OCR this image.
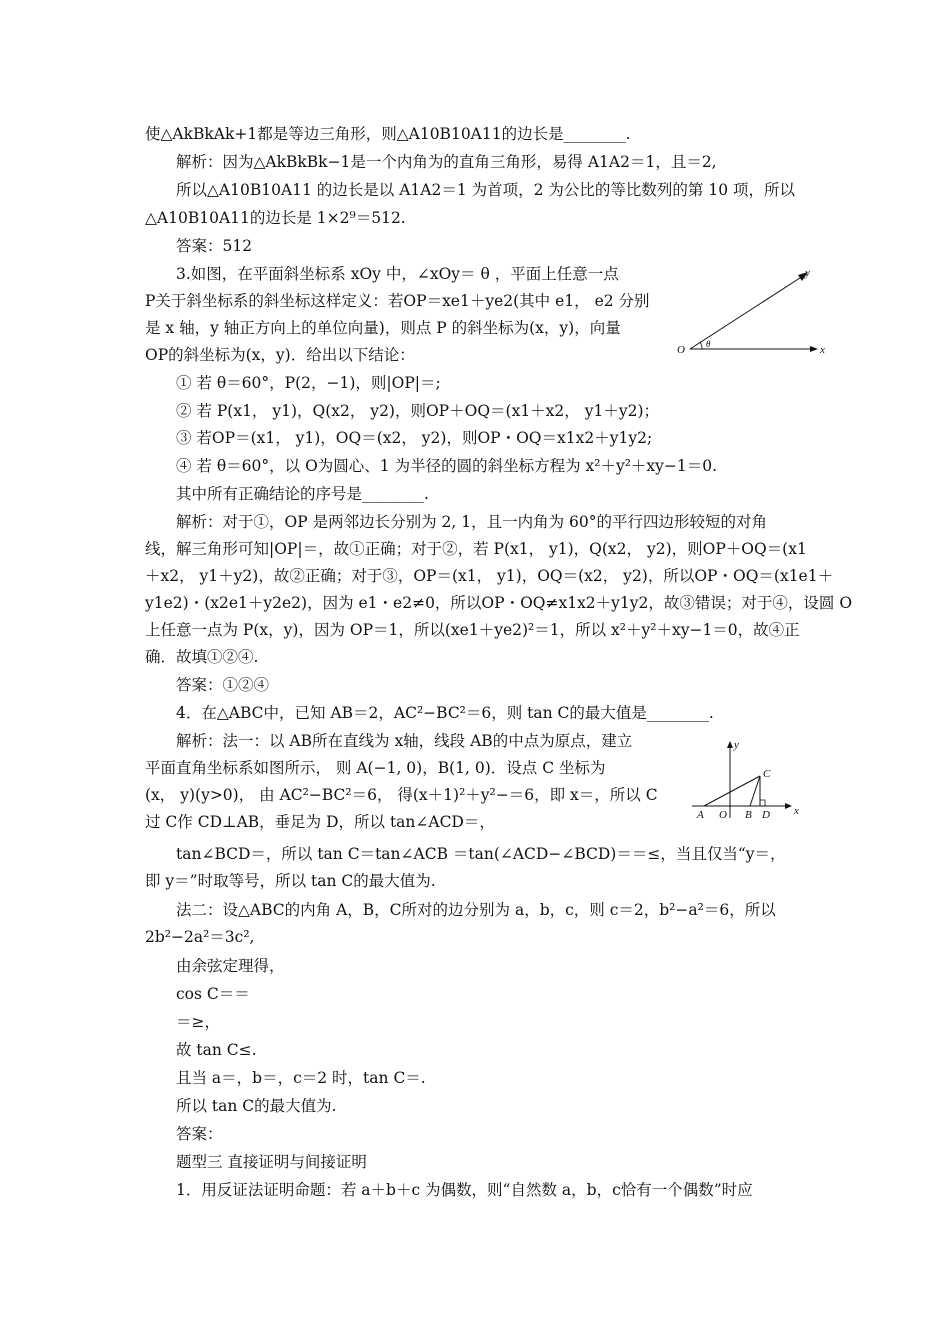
使△AkBkAk+1都是等边三角形，则△A10B10A11的边长是________.
解析：因为△AkBkBk−1是一个内角为的直角三角形，易得 A1A2＝1，且＝2,
所以△A10B10A11 的边长是以 A1A2＝1 为首项，2 为公比的等比数列的第 10 项，所以
△A10B10A11的边长是 1×2⁹＝512.
答案：512
3.如图，在平面斜坐标系 xOy 中，∠xOy＝ θ ，平面上任意一点
P关于斜坐标系的斜坐标这样定义：若OP＝xe1＋ye2(其中 e1， e2 分别
是 x 轴，y 轴正方向上的单位向量)，则点 P 的斜坐标为(x，y)，向量
OP的斜坐标为(x，y)．给出以下结论：
① 若 θ＝60°，P(2，−1)，则|OP|＝;
② 若 P(x1， y1)，Q(x2， y2)，则OP＋OQ＝(x1＋x2， y1＋y2)；
③ 若OP＝(x1， y1)，OQ＝(x2， y2)，则OP・OQ＝x1x2＋y1y2;
④ 若 θ＝60°，以 O为圆心、1 为半径的圆的斜坐标方程为 x²＋y²＋xy−1＝0.
其中所有正确结论的序号是________.
解析：对于①，OP 是两邻边长分别为 2, 1，且一内角为 60°的平行四边形较短的对角
线，解三角形可知|OP|＝，故①正确；对于②，若 P(x1， y1)，Q(x2， y2)，则OP＋OQ＝(x1
＋x2， y1＋y2)，故②正确；对于③，OP＝(x1， y1)，OQ＝(x2， y2)，所以OP・OQ＝(x1e1＋
y1e2)・(x2e1＋y2e2)，因为 e1・e2≠0，所以OP・OQ≠x1x2＋y1y2，故③错误；对于④，设圆 O
上任意一点为 P(x，y)，因为 OP＝1，所以(xe1＋ye2)²＝1，所以 x²＋y²＋xy−1＝0，故④正
确．故填①②④.
答案：①②④
4．在△ABC中，已知 AB＝2，AC²−BC²＝6，则 tan C的最大值是________.
解析：法一：以 AB所在直线为 x轴，线段 AB的中点为原点，建立
平面直角坐标系如图所示， 则 A(−1, 0)，B(1, 0)．设点 C 坐标为
(x， y)(y>0)， 由 AC²−BC²＝6， 得(x＋1)²＋y²−＝6，即 x＝，所以 C
过 C作 CD⊥AB，垂足为 D，所以 tan∠ACD＝，
tan∠BCD＝，所以 tan C＝tan∠ACB ＝tan(∠ACD−∠BCD)＝＝≤，当且仅当“y＝，
即 y＝”时取等号，所以 tan C的最大值为.
法二：设△ABC的内角 A，B，C所对的边分别为 a，b，c，则 c＝2，b²−a²＝6，所以
2b²−2a²＝3c²,
由余弦定理得，
cos C＝＝
＝≥，
故 tan C≤.
且当 a＝，b＝，c＝2 时，tan C＝.
所以 tan C的最大值为.
答案：
题型三 直接证明与间接证明
1．用反证法证明命题：若 a＋b＋c 为偶数，则“自然数 a，b，c恰有一个偶数”时应
O θ	x
y
y
C
A O B D x
